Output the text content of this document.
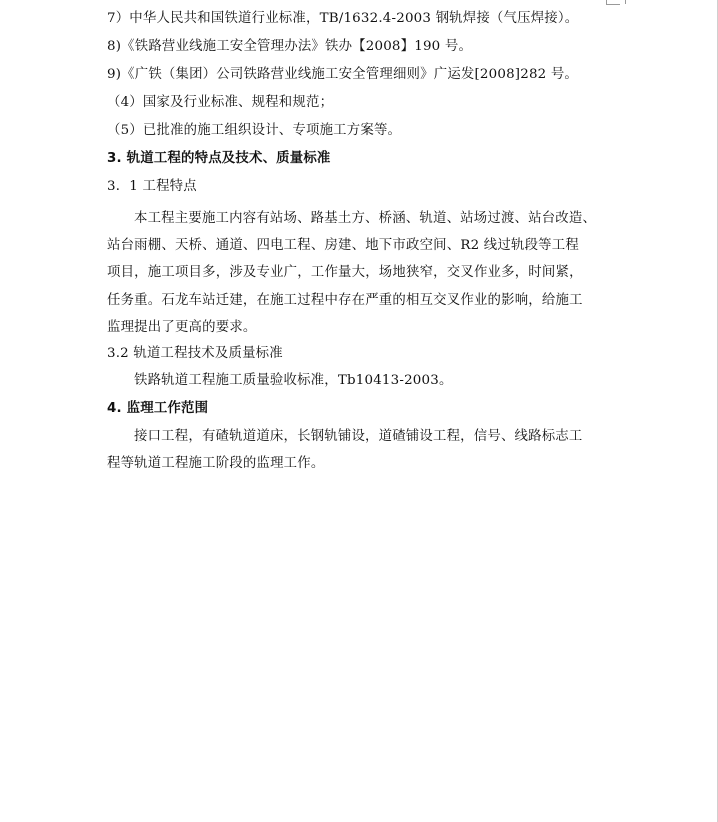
7）中华人民共和国铁道行业标准，TB/1632.4-2003 钢轨焊接（气压焊接）。
8)《铁路营业线施工安全管理办法》铁办【2008】190 号。
9)《广铁（集团）公司铁路营业线施工安全管理细则》广运发[2008]282 号。
（4）国家及行业标准、规程和规范；
（5）已批准的施工组织设计、专项施工方案等。
3. 轨道工程的特点及技术、质量标准
3．1 工程特点
本工程主要施工内容有站场、路基土方、桥涵、轨道、站场过渡、站台改造、
站台雨棚、天桥、通道、四电工程、房建、地下市政空间、R2 线过轨段等工程
项目，施工项目多，涉及专业广，工作量大，场地狭窄，交叉作业多，时间紧，
任务重。石龙车站迁建，在施工过程中存在严重的相互交叉作业的影响，给施工
监理提出了更高的要求。
3.2 轨道工程技术及质量标准
铁路轨道工程施工质量验收标准，Tb10413-2003。
4. 监理工作范围
接口工程，有碴轨道道床，长钢轨铺设，道碴铺设工程，信号、线路标志工
程等轨道工程施工阶段的监理工作。
